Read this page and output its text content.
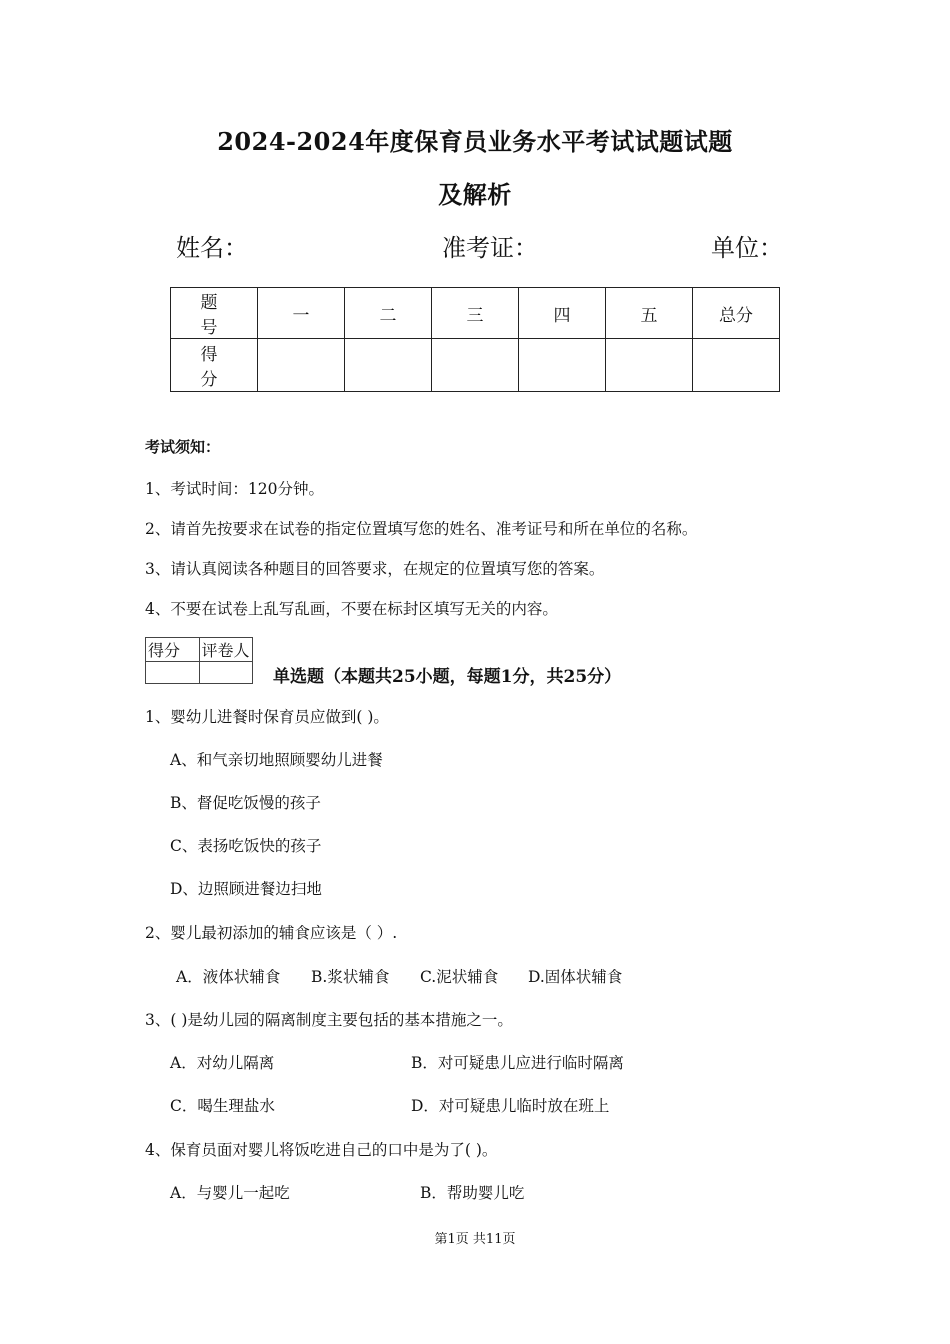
2024-2024年度保育员业务水平考试试题试题
及解析
姓名：	准考证：	单位：
题 号	一	二	三	四	五	总分
得 分						
考试须知：
1、考试时间：120分钟。
2、请首先按要求在试卷的指定位置填写您的姓名、准考证号和所在单位的名称。
3、请认真阅读各种题目的回答要求，在规定的位置填写您的答案。
4、不要在试卷上乱写乱画，不要在标封区填写无关的内容。
得分	评卷人

单选题（本题共25小题，每题1分，共25分）
1、婴幼儿进餐时保育员应做到( )。
A、和气亲切地照顾婴幼儿进餐
B、督促吃饭慢的孩子
C、表扬吃饭快的孩子
D、边照顾进餐边扫地
2、婴儿最初添加的辅食应该是（ ）.
A．液体状辅食 B.浆状辅食 C.泥状辅食 D.固体状辅食
3、( )是幼儿园的隔离制度主要包括的基本措施之一。
A．对幼儿隔离	B．对可疑患儿应进行临时隔离
C．喝生理盐水	D．对可疑患儿临时放在班上
4、保育员面对婴儿将饭吃进自己的口中是为了( )。
A．与婴儿一起吃	B．帮助婴儿吃
第1页 共11页
